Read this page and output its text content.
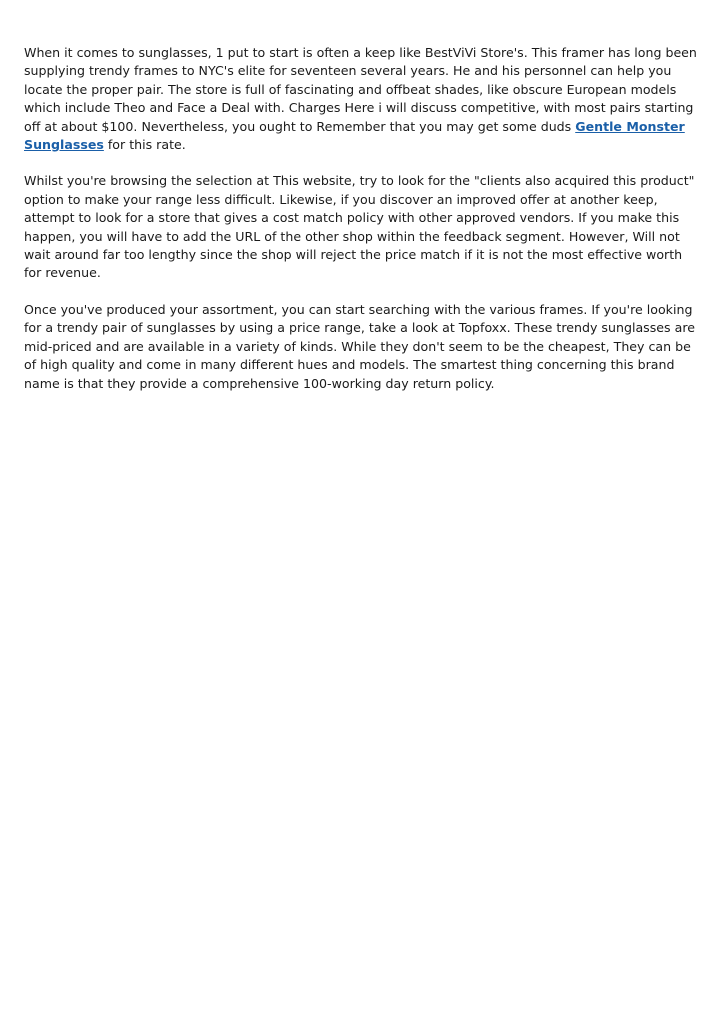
When it comes to sunglasses, 1 put to start is often a keep like BestViVi Store's. This framer has long been supplying trendy frames to NYC's elite for seventeen several years. He and his personnel can help you locate the proper pair. The store is full of fascinating and offbeat shades, like obscure European models which include Theo and Face a Deal with. Charges Here i will discuss competitive, with most pairs starting off at about $100. Nevertheless, you ought to Remember that you may get some duds Gentle Monster Sunglasses for this rate.

Whilst you're browsing the selection at This website, try to look for the "clients also acquired this product" option to make your range less difficult. Likewise, if you discover an improved offer at another keep, attempt to look for a store that gives a cost match policy with other approved vendors. If you make this happen, you will have to add the URL of the other shop within the feedback segment. However, Will not wait around far too lengthy since the shop will reject the price match if it is not the most effective worth for revenue.

Once you've produced your assortment, you can start searching with the various frames. If you're looking for a trendy pair of sunglasses by using a price range, take a look at Topfoxx. These trendy sunglasses are mid-priced and are available in a variety of kinds. While they don't seem to be the cheapest, They can be of high quality and come in many different hues and models. The smartest thing concerning this brand name is that they provide a comprehensive 100-working day return policy.
